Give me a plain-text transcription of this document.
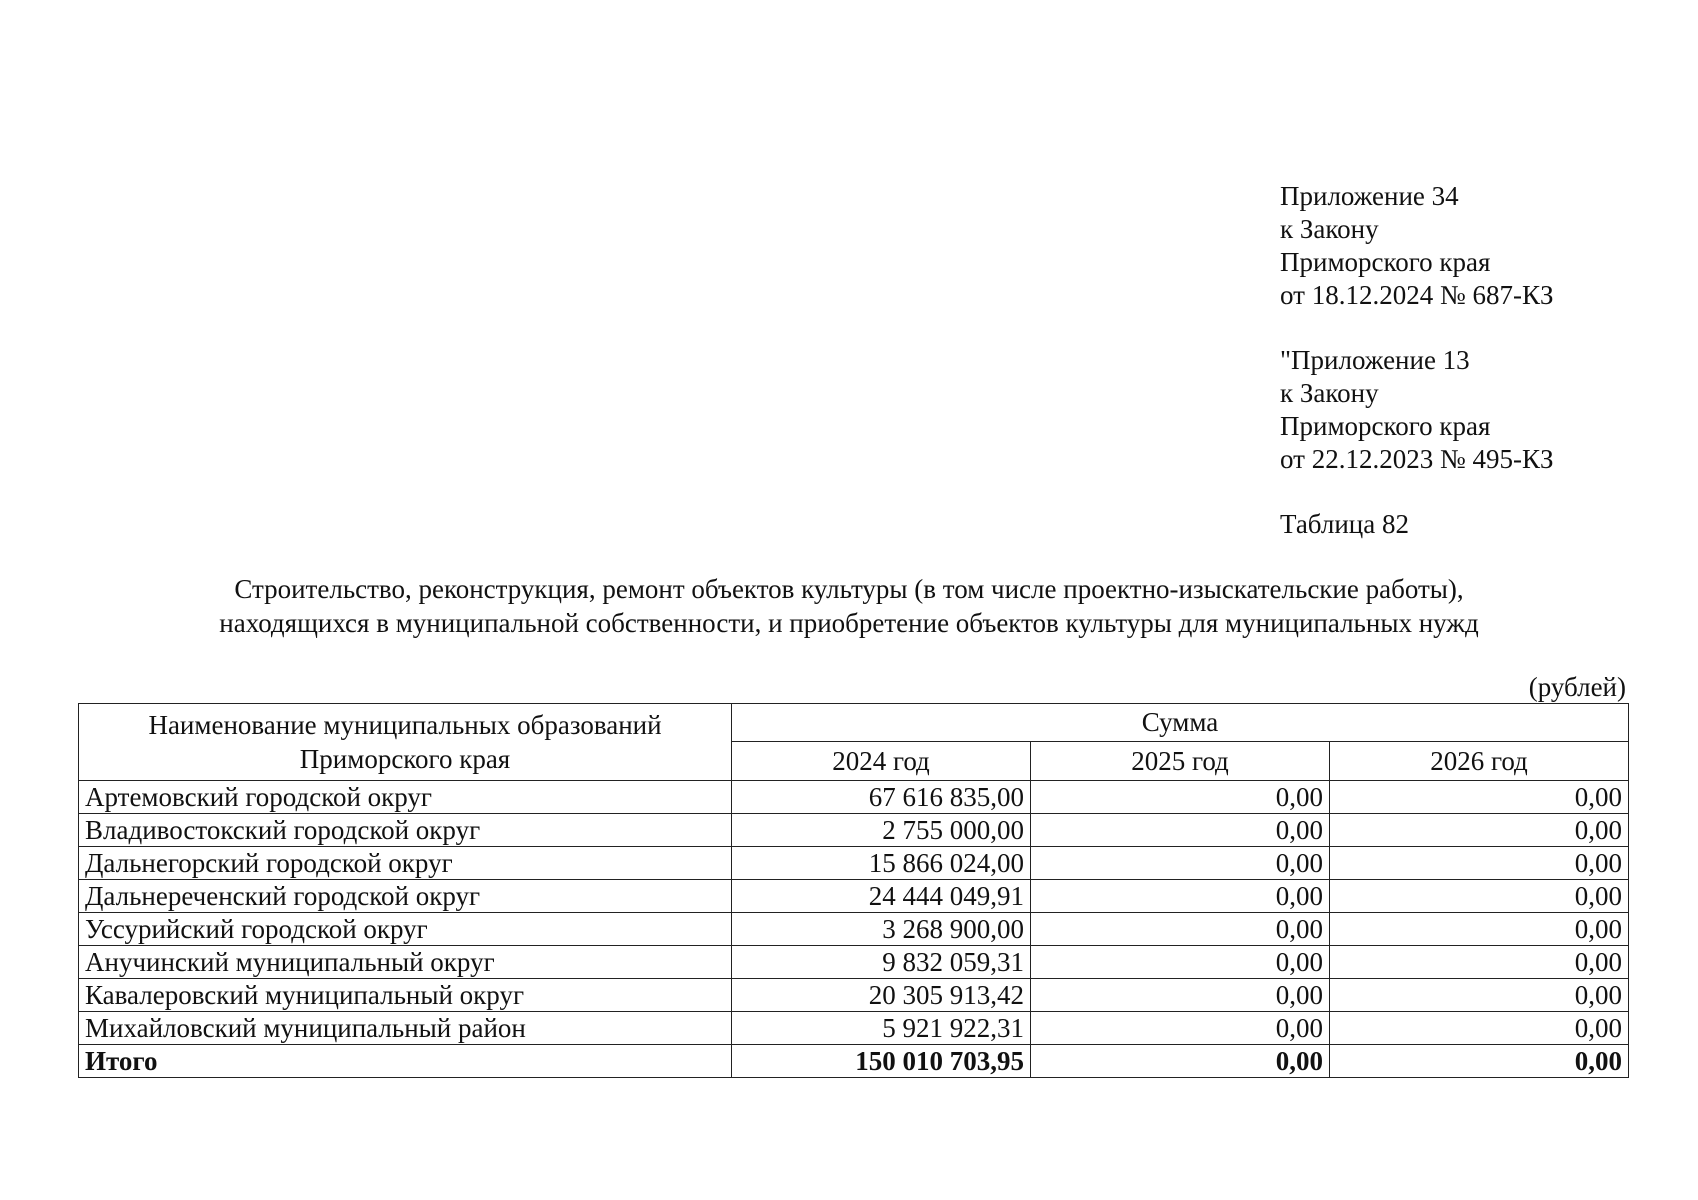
Приложение 34
к Закону
Приморского края
от 18.12.2024 № 687-КЗ
"Приложение 13
к Закону
Приморского края
от 22.12.2023 № 495-КЗ
Таблица 82
Строительство, реконструкция, ремонт объектов культуры (в том числе проектно-изыскательские работы),
находящихся в муниципальной собственности, и приобретение объектов культуры для муниципальных нужд
(рублей)
Наименование муниципальных образований
Приморского края	Сумма		
	2024 год	2025 год	2026 год
Артемовский городской округ	67 616 835,00	0,00	0,00
Владивостокский городской округ	2 755 000,00	0,00	0,00
Дальнегорский городской округ	15 866 024,00	0,00	0,00
Дальнереченский городской округ	24 444 049,91	0,00	0,00
Уссурийский городской округ	3 268 900,00	0,00	0,00
Анучинский муниципальный округ	9 832 059,31	0,00	0,00
Кавалеровский муниципальный округ	20 305 913,42	0,00	0,00
Михайловский муниципальный район	5 921 922,31	0,00	0,00
Итого	150 010 703,95	0,00	0,00
